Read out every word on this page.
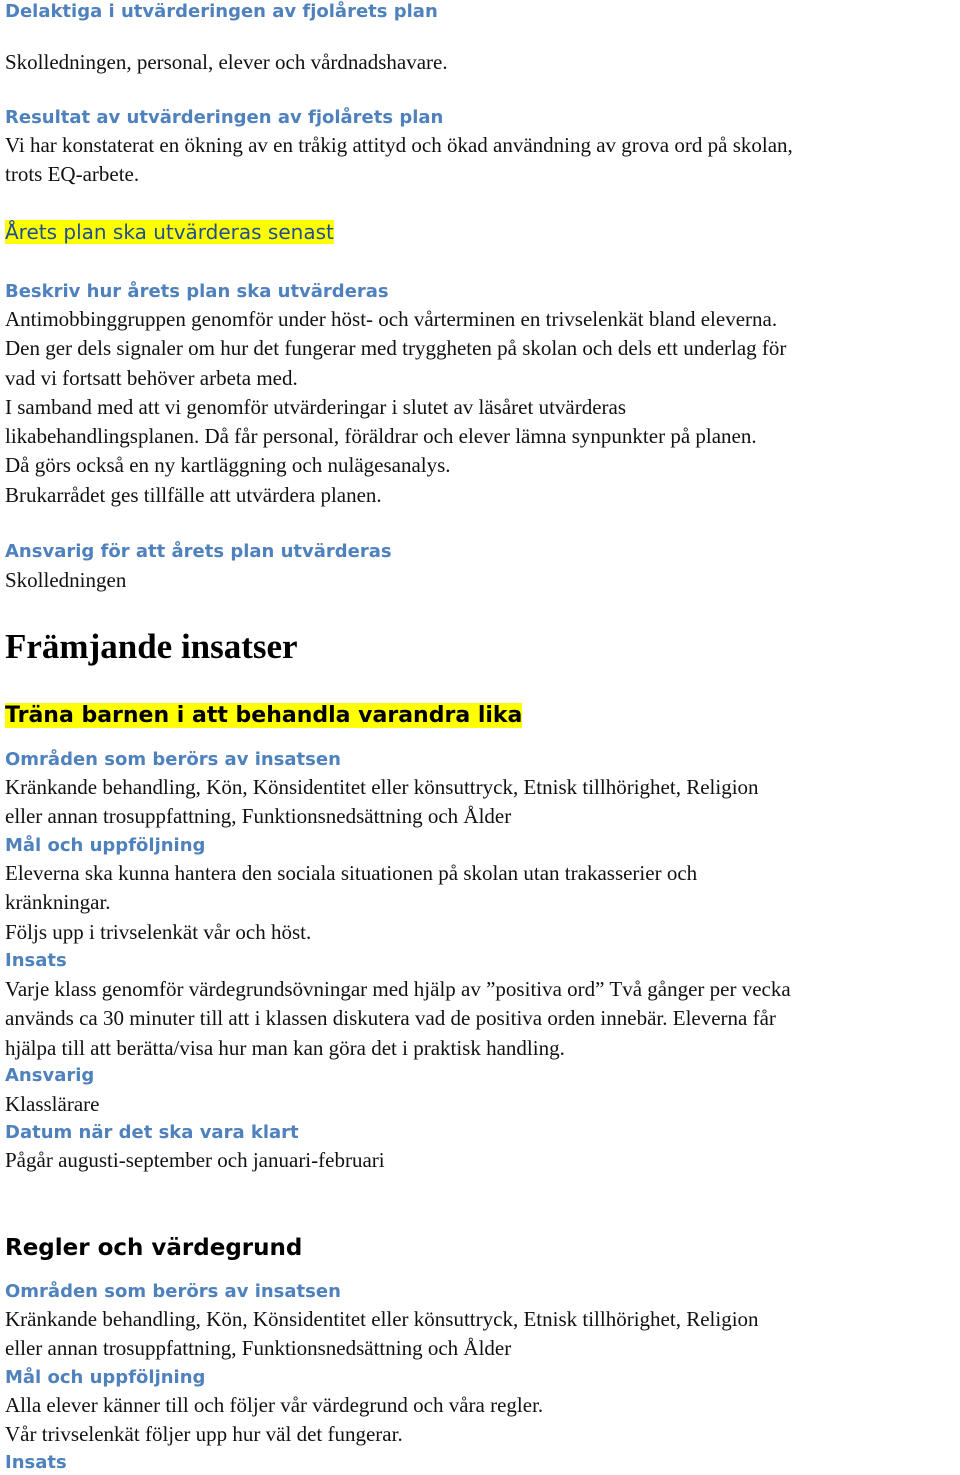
Delaktiga i utvärderingen av fjolårets plan
Skolledningen, personal, elever och vårdnadshavare.
Resultat av utvärderingen av fjolårets plan
Vi har konstaterat en ökning av en tråkig attityd och ökad användning av grova ord på skolan,
trots EQ-arbete.
Årets plan ska utvärderas senast
Beskriv hur årets plan ska utvärderas
Antimobbinggruppen genomför under höst- och vårterminen en trivselenkät bland eleverna.
Den ger dels signaler om hur det fungerar med tryggheten på skolan och dels ett underlag för
vad vi fortsatt behöver arbeta med.
I samband med att vi genomför utvärderingar i slutet av läsåret utvärderas
likabehandlingsplanen. Då får personal, föräldrar och elever lämna synpunkter på planen.
Då görs också en ny kartläggning och nulägesanalys.
Brukarrådet ges tillfälle att utvärdera planen.
Ansvarig för att årets plan utvärderas
Skolledningen
Främjande insatser
Träna barnen i att behandla varandra lika
Områden som berörs av insatsen
Kränkande behandling, Kön, Könsidentitet eller könsuttryck, Etnisk tillhörighet, Religion
eller annan trosuppfattning, Funktionsnedsättning och Ålder
Mål och uppföljning
Eleverna ska kunna hantera den sociala situationen på skolan utan trakasserier och
kränkningar.
Följs upp i trivselenkät vår och höst.
Insats
Varje klass genomför värdegrundsövningar med hjälp av ”positiva ord” Två gånger per vecka
används ca 30 minuter till att i klassen diskutera vad de positiva orden innebär. Eleverna får
hjälpa till att berätta/visa hur man kan göra det i praktisk handling.
Ansvarig
Klasslärare
Datum när det ska vara klart
Pågår augusti-september och januari-februari
Regler och värdegrund
Områden som berörs av insatsen
Kränkande behandling, Kön, Könsidentitet eller könsuttryck, Etnisk tillhörighet, Religion
eller annan trosuppfattning, Funktionsnedsättning och Ålder
Mål och uppföljning
Alla elever känner till och följer vår värdegrund och våra regler.
Vår trivselenkät följer upp hur väl det fungerar.
Insats
